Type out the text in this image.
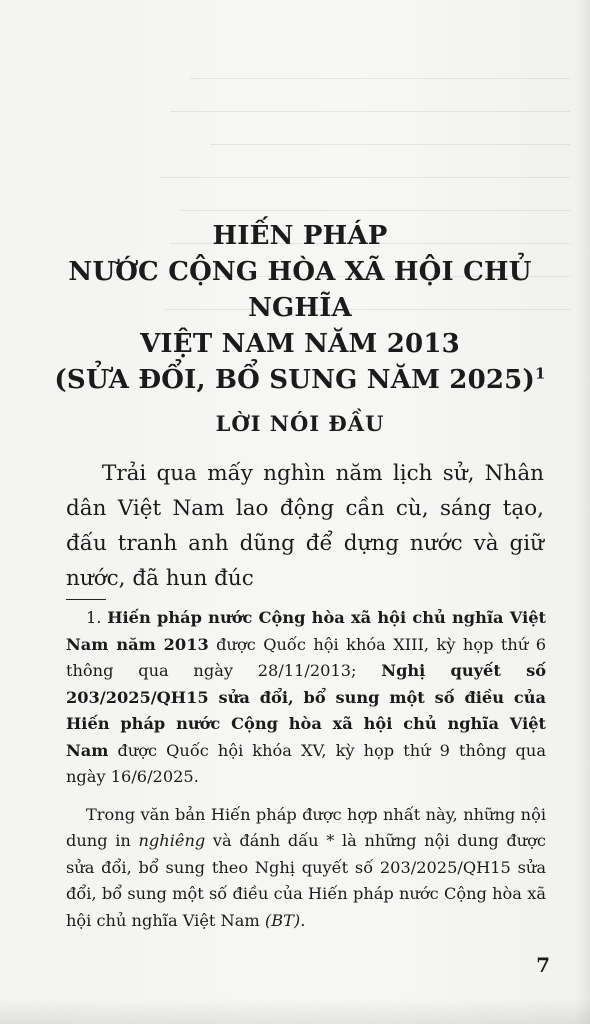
HIẾN PHÁP
NƯỚC CỘNG HÒA XÃ HỘI CHỦ NGHĨA
VIỆT NAM NĂM 2013
(SỬA ĐỔI, BỔ SUNG NĂM 2025)$^1$
LỜI NÓI ĐẦU

Trải qua mấy nghìn năm lịch sử, Nhân dân Việt Nam lao động cần cù, sáng tạo, đấu tranh anh dũng để dựng nước và giữ nước, đã hun đúc

1. Hiến pháp nước Cộng hòa xã hội chủ nghĩa Việt Nam năm 2013 được Quốc hội khóa XIII, kỳ họp thứ 6 thông qua ngày 28/11/2013; Nghị quyết số 203/2025/QH15 sửa đổi, bổ sung một số điều của Hiến pháp nước Cộng hòa xã hội chủ nghĩa Việt Nam được Quốc hội khóa XV, kỳ họp thứ 9 thông qua ngày 16/6/2025.

Trong văn bản Hiến pháp được hợp nhất này, những nội dung in nghiêng và đánh dấu * là những nội dung được sửa đổi, bổ sung theo Nghị quyết số 203/2025/QH15 sửa đổi, bổ sung một số điều của Hiến pháp nước Cộng hòa xã hội chủ nghĩa Việt Nam (BT).

7
